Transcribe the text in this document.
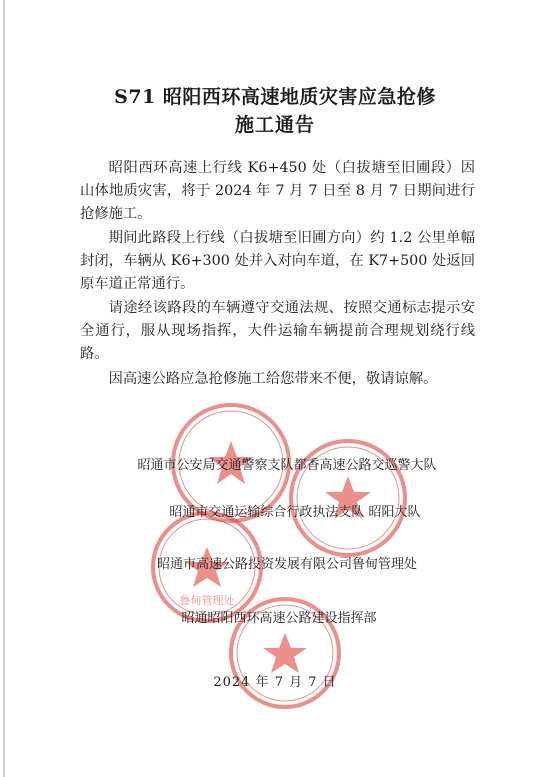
S71 昭阳西环高速地质灾害应急抢修
施工通告

昭阳西环高速上行线 K6+450 处（白拔塘至旧圃段）因山体地质灾害，将于 2024 年 7 月 7 日至 8 月 7 日期间进行抢修施工。

期间此路段上行线（白拔塘至旧圃方向）约 1.2 公里单幅封闭，车辆从 K6+300 处并入对向车道，在 K7+500 处返回原车道正常通行。

请途经该路段的车辆遵守交通法规、按照交通标志提示安全通行，服从现场指挥，大件运输车辆提前合理规划绕行线路。

因高速公路应急抢修施工给您带来不便，敬请谅解。

鲁甸管理处
昭通市公安局交通警察支队都香高速公路交巡警大队
昭通市交通运输综合行政执法支队 昭阳大队
昭通市高速公路投资发展有限公司鲁甸管理处
昭通昭阳西环高速公路建设指挥部
2024 年 7 月 7 日
